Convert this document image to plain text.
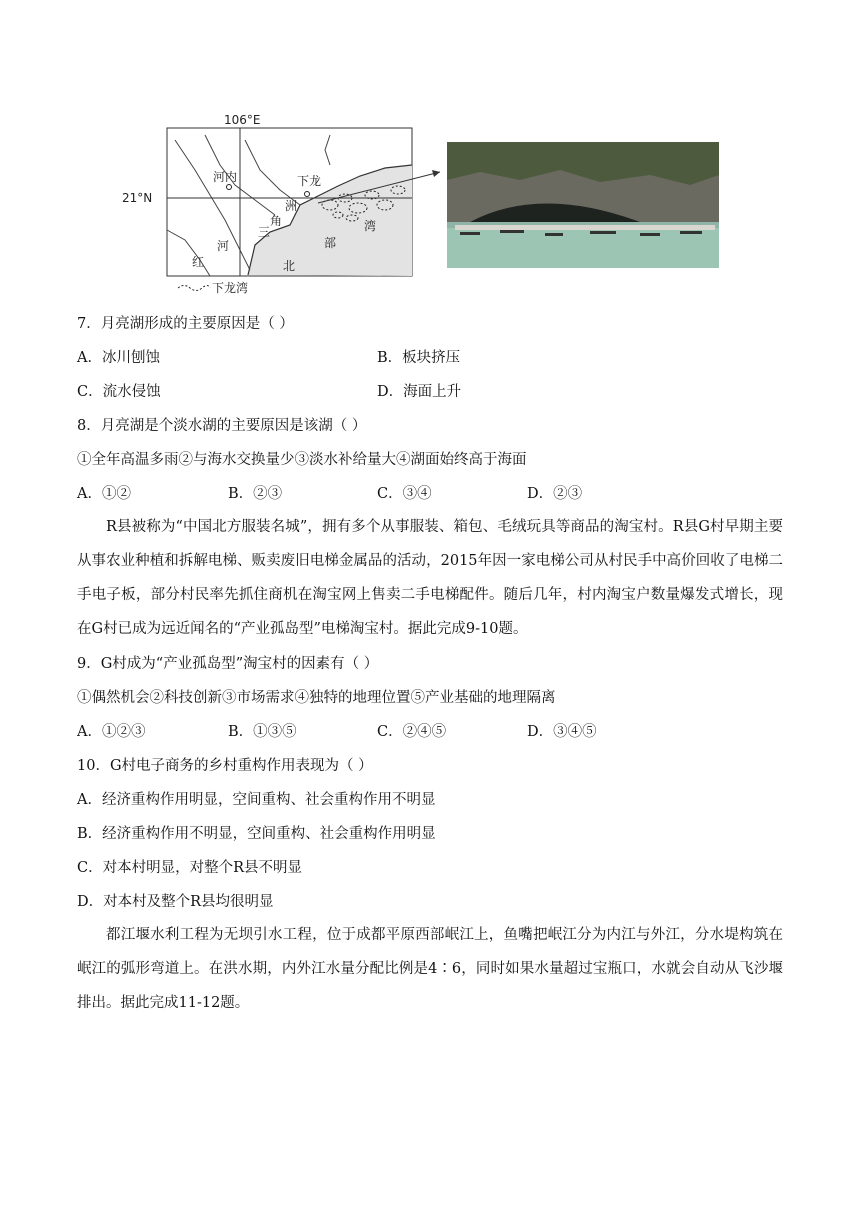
106°E
21°N
河内	下龙
洲
角
三
河
红
部
湾
北
下龙湾
7．月亮湖形成的主要原因是（ ）
A．冰川刨蚀	B．板块挤压
C．流水侵蚀	D．海面上升
8．月亮湖是个淡水湖的主要原因是该湖（ ）
①全年高温多雨②与海水交换量少③淡水补给量大④湖面始终高于海面
A．①②	B．②③	C．③④	D．②③
R县被称为“中国北方服装名城”，拥有多个从事服装、箱包、毛绒玩具等商品的淘宝村。R县G村早期主要从事农业种植和拆解电梯、贩卖废旧电梯金属品的活动，2015年因一家电梯公司从村民手中高价回收了电梯二手电子板，部分村民率先抓住商机在淘宝网上售卖二手电梯配件。随后几年，村内淘宝户数量爆发式增长，现在G村已成为远近闻名的“产业孤岛型”电梯淘宝村。据此完成9-10题。
9．G村成为“产业孤岛型”淘宝村的因素有（ ）
①偶然机会②科技创新③市场需求④独特的地理位置⑤产业基础的地理隔离
A．①②③	B．①③⑤	C．②④⑤	D．③④⑤
10．G村电子商务的乡村重构作用表现为（ ）
A．经济重构作用明显，空间重构、社会重构作用不明显
B．经济重构作用不明显，空间重构、社会重构作用明显
C．对本村明显，对整个R县不明显
D．对本村及整个R县均很明显
都江堰水利工程为无坝引水工程，位于成都平原西部岷江上，鱼嘴把岷江分为内江与外江，分水堤构筑在岷江的弧形弯道上。在洪水期，内外江水量分配比例是4∶6，同时如果水量超过宝瓶口，水就会自动从飞沙堰排出。据此完成11-12题。
